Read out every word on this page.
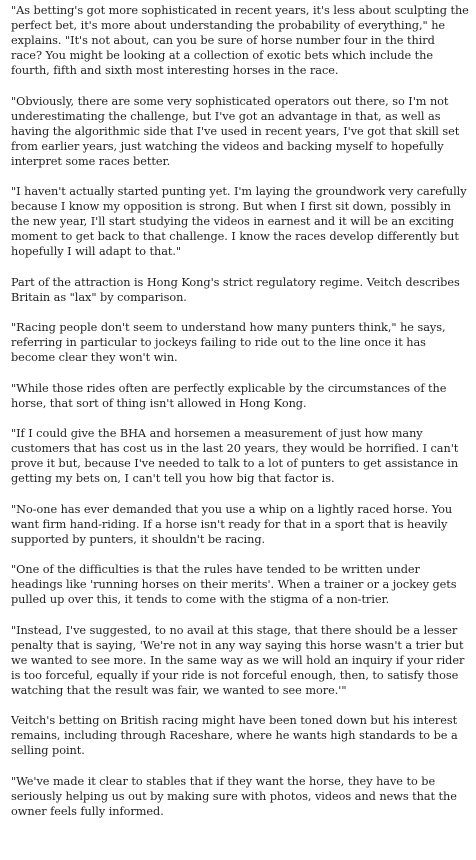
"As betting's got more sophisticated in recent years, it's less about sculpting the perfect bet, it's more about understanding the probability of everything," he explains. "It's not about, can you be sure of horse number four in the third race? You might be looking at a collection of exotic bets which include the fourth, fifth and sixth most interesting horses in the race.

"Obviously, there are some very sophisticated operators out there, so I'm not underestimating the challenge, but I've got an advantage in that, as well as having the algorithmic side that I've used in recent years, I've got that skill set from earlier years, just watching the videos and backing myself to hopefully interpret some races better.

"I haven't actually started punting yet. I'm laying the groundwork very carefully because I know my opposition is strong. But when I first sit down, possibly in the new year, I'll start studying the videos in earnest and it will be an exciting moment to get back to that challenge. I know the races develop differently but hopefully I will adapt to that."

Part of the attraction is Hong Kong's strict regulatory regime. Veitch describes Britain as "lax" by comparison.

"Racing people don't seem to understand how many punters think," he says, referring in particular to jockeys failing to ride out to the line once it has become clear they won't win.

"While those rides often are perfectly explicable by the circumstances of the horse, that sort of thing isn't allowed in Hong Kong.

"If I could give the BHA and horsemen a measurement of just how many customers that has cost us in the last 20 years, they would be horrified. I can't prove it but, because I've needed to talk to a lot of punters to get assistance in getting my bets on, I can't tell you how big that factor is.

"No-one has ever demanded that you use a whip on a lightly raced horse. You want firm hand-riding. If a horse isn't ready for that in a sport that is heavily supported by punters, it shouldn't be racing.

"One of the difficulties is that the rules have tended to be written under headings like 'running horses on their merits'. When a trainer or a jockey gets pulled up over this, it tends to come with the stigma of a non-trier.

"Instead, I've suggested, to no avail at this stage, that there should be a lesser penalty that is saying, 'We're not in any way saying this horse wasn't a trier but we wanted to see more. In the same way as we will hold an inquiry if your rider is too forceful, equally if your ride is not forceful enough, then, to satisfy those watching that the result was fair, we wanted to see more.'"

Veitch's betting on British racing might have been toned down but his interest remains, including through Raceshare, where he wants high standards to be a selling point.

"We've made it clear to stables that if they want the horse, they have to be seriously helping us out by making sure with photos, videos and news that the owner feels fully informed.
